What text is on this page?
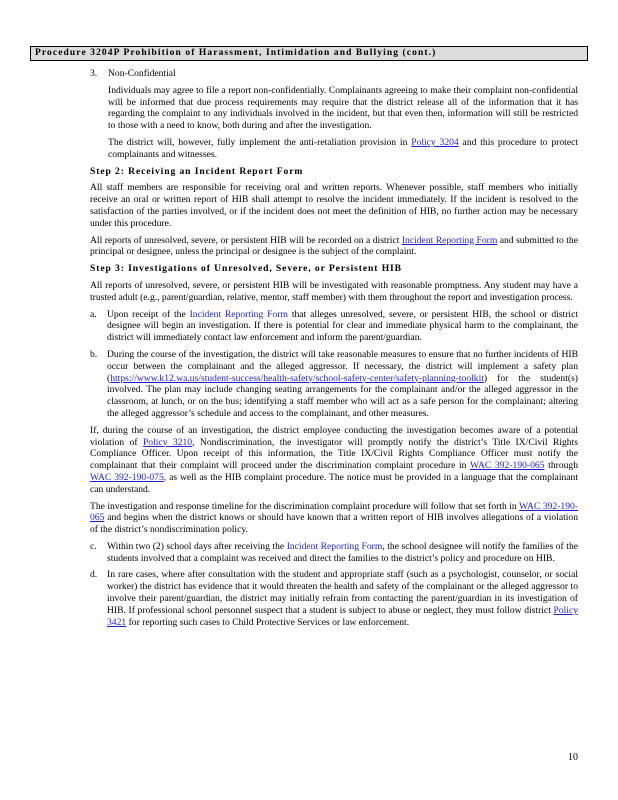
Procedure 3204P Prohibition of Harassment, Intimidation and Bullying (cont.)
3.	Non-Confidential

Individuals may agree to file a report non-confidentially. Complainants agreeing to make their complaint non-confidential will be informed that due process requirements may require that the district release all of the information that it has regarding the complaint to any individuals involved in the incident, but that even then, information will still be restricted to those with a need to know, both during and after the investigation.

The district will, however, fully implement the anti-retaliation provision in Policy 3204 and this procedure to protect complainants and witnesses.

Step 2: Receiving an Incident Report Form

All staff members are responsible for receiving oral and written reports. Whenever possible, staff members who initially receive an oral or written report of HIB shall attempt to resolve the incident immediately. If the incident is resolved to the satisfaction of the parties involved, or if the incident does not meet the definition of HIB, no further action may be necessary under this procedure.

All reports of unresolved, severe, or persistent HIB will be recorded on a district Incident Reporting Form and submitted to the principal or designee, unless the principal or designee is the subject of the complaint.

Step 3: Investigations of Unresolved, Severe, or Persistent HIB

All reports of unresolved, severe, or persistent HIB will be investigated with reasonable promptness. Any student may have a trusted adult (e.g., parent/guardian, relative, mentor, staff member) with them throughout the report and investigation process.

a.	Upon receipt of the Incident Reporting Form that alleges unresolved, severe, or persistent HIB, the school or district designee will begin an investigation. If there is potential for clear and immediate physical harm to the complainant, the district will immediately contact law enforcement and inform the parent/guardian.
b.	During the course of the investigation, the district will take reasonable measures to ensure that no further incidents of HIB occur between the complainant and the alleged aggressor. If necessary, the district will implement a safety plan (https://www.k12.wa.us/student-success/health-safety/school-safety-center/safety-planning-toolkit) for the student(s) involved. The plan may include changing seating arrangements for the complainant and/or the alleged aggressor in the classroom, at lunch, or on the bus; identifying a staff member who will act as a safe person for the complainant; altering the alleged aggressor’s schedule and access to the complainant, and other measures.

If, during the course of an investigation, the district employee conducting the investigation becomes aware of a potential violation of Policy 3210, Nondiscrimination, the investigator will promptly notify the district’s Title IX/Civil Rights Compliance Officer. Upon receipt of this information, the Title IX/Civil Rights Compliance Officer must notify the complainant that their complaint will proceed under the discrimination complaint procedure in WAC 392-190-065 through WAC 392-190-075, as well as the HIB complaint procedure. The notice must be provided in a language that the complainant can understand.

The investigation and response timeline for the discrimination complaint procedure will follow that set forth in WAC 392-190-065 and begins when the district knows or should have known that a written report of HIB involves allegations of a violation of the district’s nondiscrimination policy.

c.	Within two (2) school days after receiving the Incident Reporting Form, the school designee will notify the families of the students involved that a complaint was received and direct the families to the district’s policy and procedure on HIB.
d.	In rare cases, where after consultation with the student and appropriate staff (such as a psychologist, counselor, or social worker) the district has evidence that it would threaten the health and safety of the complainant or the alleged aggressor to involve their parent/guardian, the district may initially refrain from contacting the parent/guardian in its investigation of HIB. If professional school personnel suspect that a student is subject to abuse or neglect, they must follow district Policy 3421 for reporting such cases to Child Protective Services or law enforcement.
10
